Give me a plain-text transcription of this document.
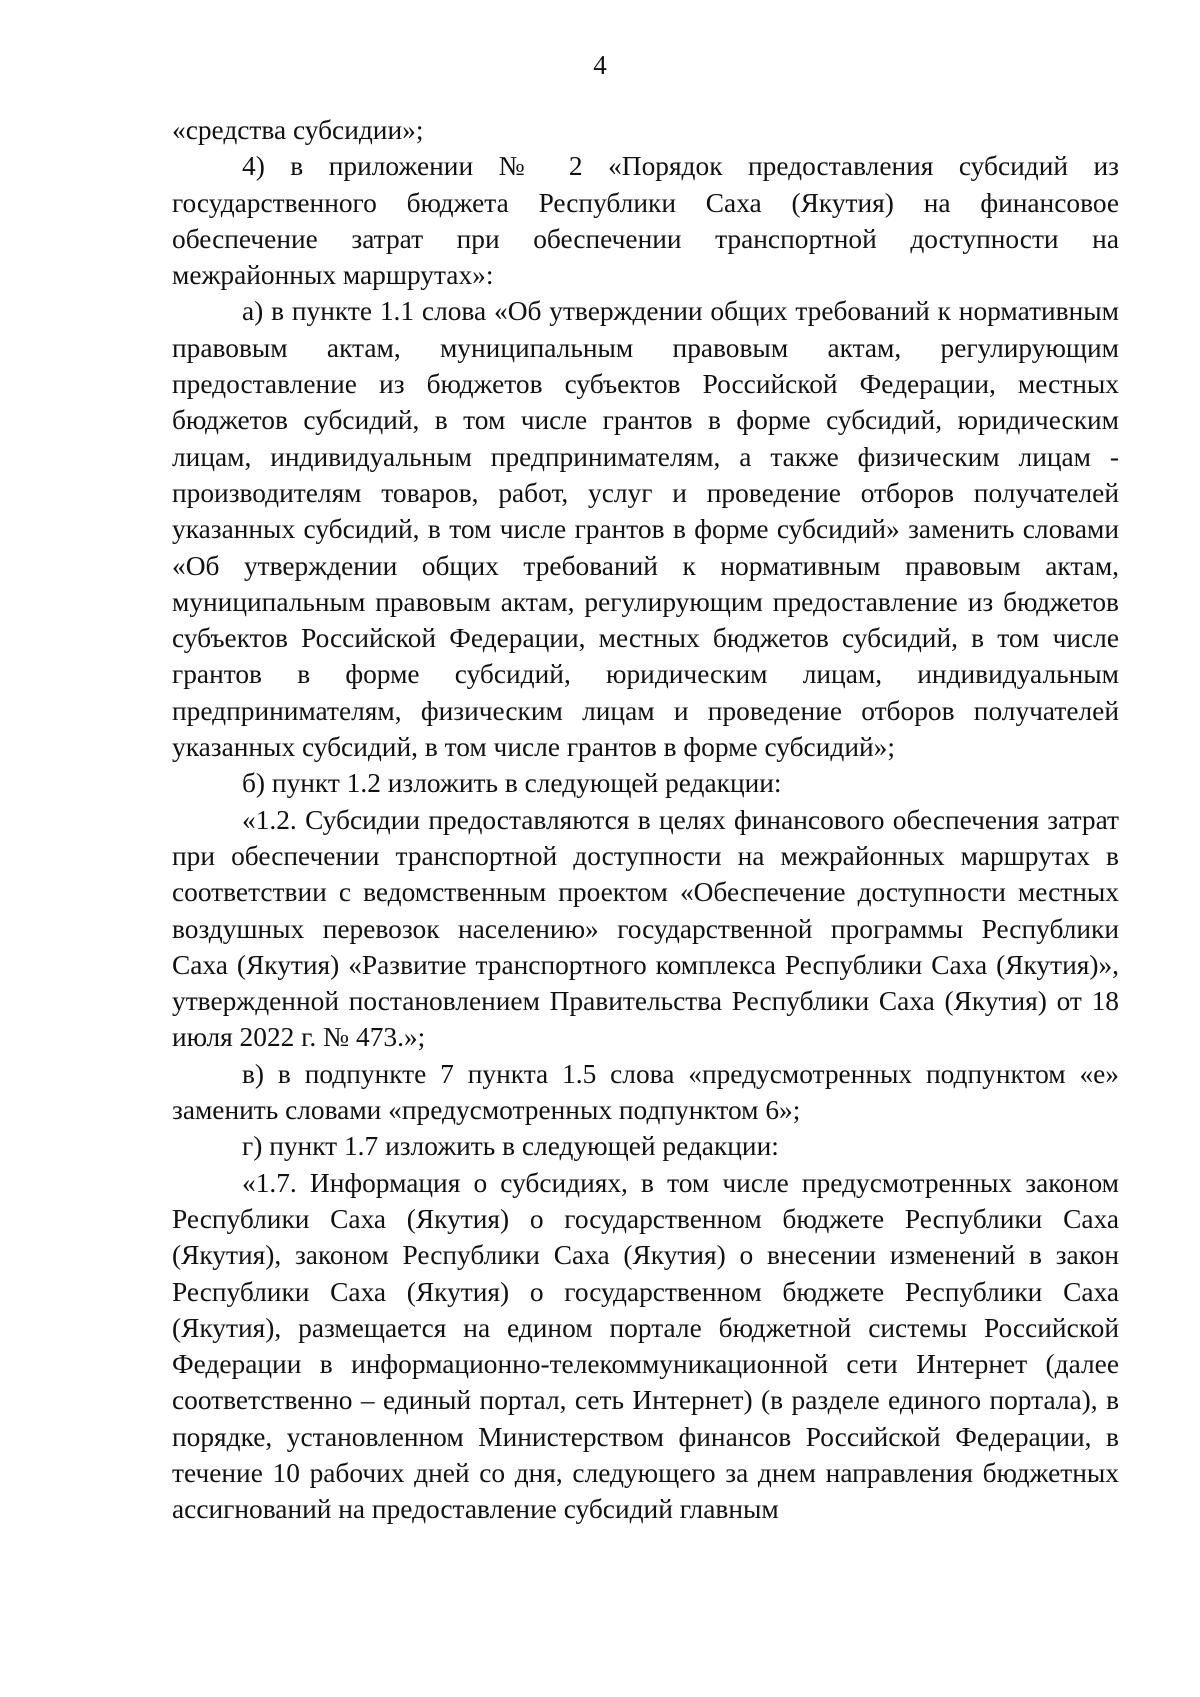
4

«средства субсидии»;

4) в приложении № 2 «Порядок предоставления субсидий из государственного бюджета Республики Саха (Якутия) на финансовое обеспечение затрат при обеспечении транспортной доступности на межрайонных маршрутах»:

а) в пункте 1.1 слова «Об утверждении общих требований к нормативным правовым актам, муниципальным правовым актам, регулирующим предоставление из бюджетов субъектов Российской Федерации, местных бюджетов субсидий, в том числе грантов в форме субсидий, юридическим лицам, индивидуальным предпринимателям, а также физическим лицам - производителям товаров, работ, услуг и проведение отборов получателей указанных субсидий, в том числе грантов в форме субсидий» заменить словами «Об утверждении общих требований к нормативным правовым актам, муниципальным правовым актам, регулирующим предоставление из бюджетов субъектов Российской Федерации, местных бюджетов субсидий, в том числе грантов в форме субсидий, юридическим лицам, индивидуальным предпринимателям, физическим лицам и проведение отборов получателей указанных субсидий, в том числе грантов в форме субсидий»;

б) пункт 1.2 изложить в следующей редакции:

«1.2. Субсидии предоставляются в целях финансового обеспечения затрат при обеспечении транспортной доступности на межрайонных маршрутах в соответствии с ведомственным проектом «Обеспечение доступности местных воздушных перевозок населению» государственной программы Республики Саха (Якутия) «Развитие транспортного комплекса Республики Саха (Якутия)», утвержденной постановлением Правительства Республики Саха (Якутия) от 18 июля 2022 г. № 473.»;

в) в подпункте 7 пункта 1.5 слова «предусмотренных подпунктом «е» заменить словами «предусмотренных подпунктом 6»;

г) пункт 1.7 изложить в следующей редакции:

«1.7. Информация о субсидиях, в том числе предусмотренных законом Республики Саха (Якутия) о государственном бюджете Республики Саха (Якутия), законом Республики Саха (Якутия) о внесении изменений в закон Республики Саха (Якутия) о государственном бюджете Республики Саха (Якутия), размещается на едином портале бюджетной системы Российской Федерации в информационно-телекоммуникационной сети Интернет (далее соответственно – единый портал, сеть Интернет) (в разделе единого портала), в порядке, установленном Министерством финансов Российской Федерации, в течение 10 рабочих дней со дня, следующего за днем направления бюджетных ассигнований на предоставление субсидий главным
